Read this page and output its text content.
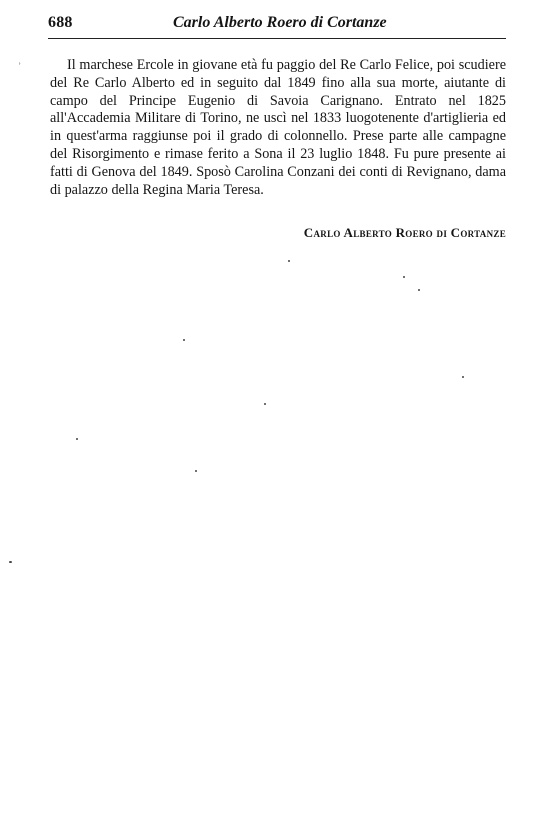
688	Carlo Alberto Roero di Cortanze
ʾ	Il marchese Ercole in giovane età fu paggio del Re Carlo Felice, poi scudiere del Re Carlo Alberto ed in seguito dal 1849 fino alla sua morte, aiutante di campo del Principe Eugenio di Savoia Carignano. Entrato nel 1825 all'Accademia Militare di Torino, ne uscì nel 1833 luogotenente d'artiglieria ed in quest'arma raggiunse poi il grado di colonnello. Prese parte alle campagne del Risorgimento e rimase ferito a Sona il 23 luglio 1848. Fu pure presente ai fatti di Genova del 1849. Sposò Carolina Conzani dei conti di Revignano, dama di palazzo della Regina Maria Teresa.

Carlo Alberto Roero di Cortanze
